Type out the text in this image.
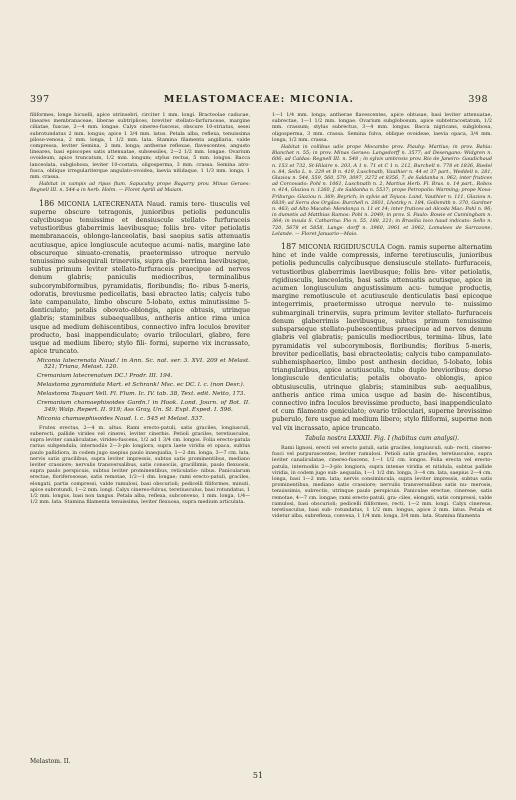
397	MELASTOMACEAE: MICONIA.	398

filiformes, longe bicuelli, apice utrinsebri, circiter 1 mm. longi. Bracteolae caducae, lineares membranaceae, liberae subtriplices, breviter stellato-farfuraceae, margine ciliatae, fuscae, 2—4 mm. longae. Calyx cinereo-fusceus, obscure 10-striatus, sesei subrotundatus 2 mm. longus; apice 1 3/4 mm. latus. Petala alba, reflexa, tenuissima piloso-venosa, 2 mm. longa, 1 1/2 mm. lata. Stamina filamenta angillaria, valde compressa, leviter Semina, 2 mm. longa; antherae reflexae, flavescentes, angusto lineares, basi episcopes satis attenuatae, subsessiles, 2—2 1/2 mm. longae. Ovarium ovoideum, apice truncatum, 1/2 mm. longum; stylus rectus, 5 mm. longus. Bacca lanceolata, subglobosa, leviter 10-costata, oligosperma, 3 mm. crassa. Semina atro-fusca, oblique irregulariterque angulato-ovoidea, laevia nitidaque, 1 1/3 mm. longa, 1 mm. crassa.

Habitat in campis ad ripas flum. Sapucahy prope Bagurry prov. Minas Geraes: Regnell III. n. 544-a in herb. Holm. — Floret Aprili ad Maiam.

186 MICONIA LATECRENATA Naud. ramis tere- tiusculis vel superne obscure tetragonis, junioribus petiolis pedunculis calycibusque tenuissime et densiuscule stellato- furfuraceis vetustioribus glaberrimis laevibusque; foliis bre- viter petiolatis membranaceis, oblongo-lanceolatis, basi saepius satis attenuatis acutiusque, apice longiuscule acuteque acumi- natis, margine late obscureque sinuato-crenatis, praetermisso utroque nervulo tenuissimo subsequirali trinerviis, supra gla- berrima laevibusque, subtus primum leviter stellato-furfuraceis praecipue ad nervos denum glabris; paniculis mediocribus, terminalibus subcorymbiformibus, pyramidatis, floribundis; flo- ribus 5-meris, odoratis, breviusme pedicellatis, basi ebracteo latis; calycis tubo late campanulato, limbo obscure 5-lobato, extus minutissime 5-denticulato; petalis obovato-oblongis, apice obtusis, utrinque glabris; staminibus subaequalibus, antheris antice rima unica usque ad medium dehiscentibus, connectivo infra loculos breviter producto, basi inappendiculato; ovario triloculari, glabro, fere usque ad medium libero; stylo fili- formi, superne vix incrassato, apice truncato.

Miconia latecrenata Naud.! in Ann. Sc. nat. ser. 3. XVI. 209 et Melast. 521; Triana, Melast. 120.

Cremanium latecrenatum DC.! Prodr. III. 194.

Melastoma pyramidata Mart. et Schrank! Msc. ec DC. l. c. (non Desr.).

Melastoma Taquari Vell. Fl. Flum. Ic. IV. tab. 38, Text. edit. Netto, 173.

Cremanium chamaephisoides Gardn.! in Hook. Lond. Journ. of Bot. II. 349; Walp. Repert. II. 919; Ass Gray, Un. St. Expl. Exped. I. 596.

Miconia chamaephisoides Naud. l. c. 545 et Melast. 537.

Frutex erectus, 2—4 m. altus. Rami erecto-patuli, satis graciles, longiusculi, suberecti, pallide virides vel cinerei, leviter cinerbis. Petioli graciles, teretiusculos, supra leviter canaliculatae, virides-fuscens, 1/2 ad 1 3/4 cm. longos. Folia erecto-patula rarius subpendula, internodiis 2—3-plo longiora, supra laete viridia et opaca, subtus paulo pallidiora, in codem jugo saepius paulo inaequalia, 1—2 dm. longa, 3—7 cm. lata, nervis satis gracilibus, supra leviter impressis, subtus satis prominentibus, mediano leviter crassiore; nervulis transversalibus, satis consociis, gracillimis, paulo flexuosis, supra paulo perspicuis, subtus leviter prominentibus, reticulatio- nibus. Panicularum erectae, floriferosoeae, satis remotae, 1/2—1 dm. longae; rami erecto-patuli, graciles, elongati, partis compressi, valde ramulosi, basi obscurioli; pedicelli filiformes, minuti, apice subrotundi, 1—2 mm. longi. Calyx cinereo-fulvus, teretiusculus, basi rotundatus, 1 1/2 mm. longus, basi non tangus. Petala alba, reflexa, subconvexo, 1 mm. longa, 1/4—1/2 mm. lata. Stamina filamenta tenuissima, leviter flexuosa, supra medium articulata.

1—1 1/4 mm. longa; antherae flavescentes, apice obtusae, basi leviter attenuatae, subrectae, 1—1 1/2 mm. longae. Ovarium subglobosum, apice subtetracostatum, 1/2 mm. crassum; stylus subrectus, 3—4 mm. longus. Bacca nigricans, subglobosa, oligosperma, 3 mm. crassa. Semina fulva, oblique ovoideae, laevia opaca, 3/4 mm. longa, 1/2 mm. crassa.

Habitat in collibus udis prope Mocambo prov. Piauhy: Martius; in prov. Bahia: Blanchet n. 55; in prov. Minas Geraes: Langsdorff n. 3577; ad Desengano: Widgren n. 606; ad Caldas: Regnell III. n. 548 ; in sylvis umbrosis prov. Rio de Janeiro: Gaudichaud n. 153 et 732, St-Hilaire n. 203, A 1 n. 71 et C 1 n. 212, Burchell n. 778 et 1836, Riedel n. 84, Sello L. n. 229 et B n. 419, Luschnath, Vauthier n. 44 et 37 part., Weddell n. 281, Glaziou n. 544, 559, 560, 579, 3097, 3272 et 8356, 7, de Saldanha n. 962; inter frutices ad Corcovado: Pohl n. 1061, Luschnath n. 2, Martius Herb. Fl. Bras. n. 14 part., Robox n. 414, Glaziou n. 1260, J. de Saldanha n. 5537; prope Petropolis: Warming; prope Nova-Friburgo: Glaziou n. 369; Beyrich; in sylvis ad Tejuca: Lund, Vauthier n. 111, Glaziou n. 6839; ad Serra dos Orgãos: Burchell n. 2601, Lhotzky n. 184, Gollsmith n. 370, Gardner n. 463; ad Alto Macahé: Mendonça n. 11 et 14; inter frutices ad Alcoda Mac: Pohl n. 96; in dumetis ad Matthias Ramos: Pohl n. 2049; in prov. S. Paulo: Bowie et Cunningham n. 364; in insula S. Catharina: Pio n. 55, 188, 221; in Brasilia loco haud indicato: Sello n. 720, 5678 et 5858, Langs- dorff n. 3960, 3961 et 3962, Lomalees de Sarrazone, Lelande. — Floret Januario—Maio.

187 MICONIA RIGIDIUSCULA Cogn. ramis superne alternatim hinc et inde valde compressis, inferne teretiusculis, junioribus petiolis pedunculis calycibusque densiuscule stellato- furfuraceis, vetustioribus glaberrimis laevibusque; foliis bre- viter petiolatis, rigidiusculis, lanceolatis, basi satis attenuatis acutisque, apice in acumen longiusculum angustissimum acu- tumque productis, margine remotiuscule et acutiuscule denticulatis basi epicoque integerrimis, praetermisso utroque nervulo te- nuissimo submarginali trinerviis, supra primum leviter stellato- furfuraceis denum glaberrimis laevibusque, subtus primum tenuissime subsparseque stellato-pubescentibus praecipue ad nervos denum glabris vel glabratis; paniculis mediocribus, termina- libus, late pyramidatis vel subcorymbosis, floribundis; floribus 5-meris, breviter pedicellatis, basi ebracteolatis; calycis tubo campanulato-subhemisphaerico, limbo post anthesin deciduo, 5-lobato, lobis triangularibus, apice acutiusculis, tubo duplo brevioribus; dorso longiuscule denticulatis; petalis obovato- oblongis, apice obtusiusculis, utrinque glabris; staminibus sub- aequalibus, antheris antice rima unica usque ad basin de- hiscentibus, connectivo infra loculos brevissime producto, basi inappendiculato et cum filamento geniculato; ovario triloculari, superne brevissime puberulo, fere usque ad medium libero; stylo filiformi, superne non vel vix incrassato, apice truncato.

Tabula nostra LXXXII. Fig. I (habitus cum analysi).

Rami lignosi, erecti vel erecto patuli, satis graciles, longiusculi, sub- recti, cinereo-fusci vel purpurascentes, leviter ramulosi. Petioli satis graciles, teretiusculos, supra leviter canaliculatae, cinereo-fuscens, 1—1 1/2 cm. longos. Folia erecta vel erecto-patula, internodiis 2—3-plo longiora, supra intense viridia et nitidula, subtus pallide viridia, in codem jugo sub- aequalia, 1—1 1/2 dm. longa, 3—4 cm. lata, saepius 2—4 cm. longa, basi 1—2 mm. lata; nervis consimincula, supra leviter impressis, subtus satis prominentibus, mediano satis crassiore; nervulis transversalibus satis nu- merosis, tenuissimis, subrectis, utrinque paulo perspicuis. Paniculae erectae, cinereae, satis remotae, 4—7 cm. longae; rami erecto-patuli, gra- ciles, elongati, satis compressi, valde ramulosi, basi obscurioli; pedicelli filiformes, recti, 1—2 mm. longi. Calyx cinereus, teretiusculus, basi sub- rotundatus, 1 1/2 mm. longus, apice 2 mm. latus. Petala et videtur alba, subreflexa, convexa, 1 1/4 mm. longa, 3/4 mm. lata. Stamina filamenta

Melastom. II.
51
